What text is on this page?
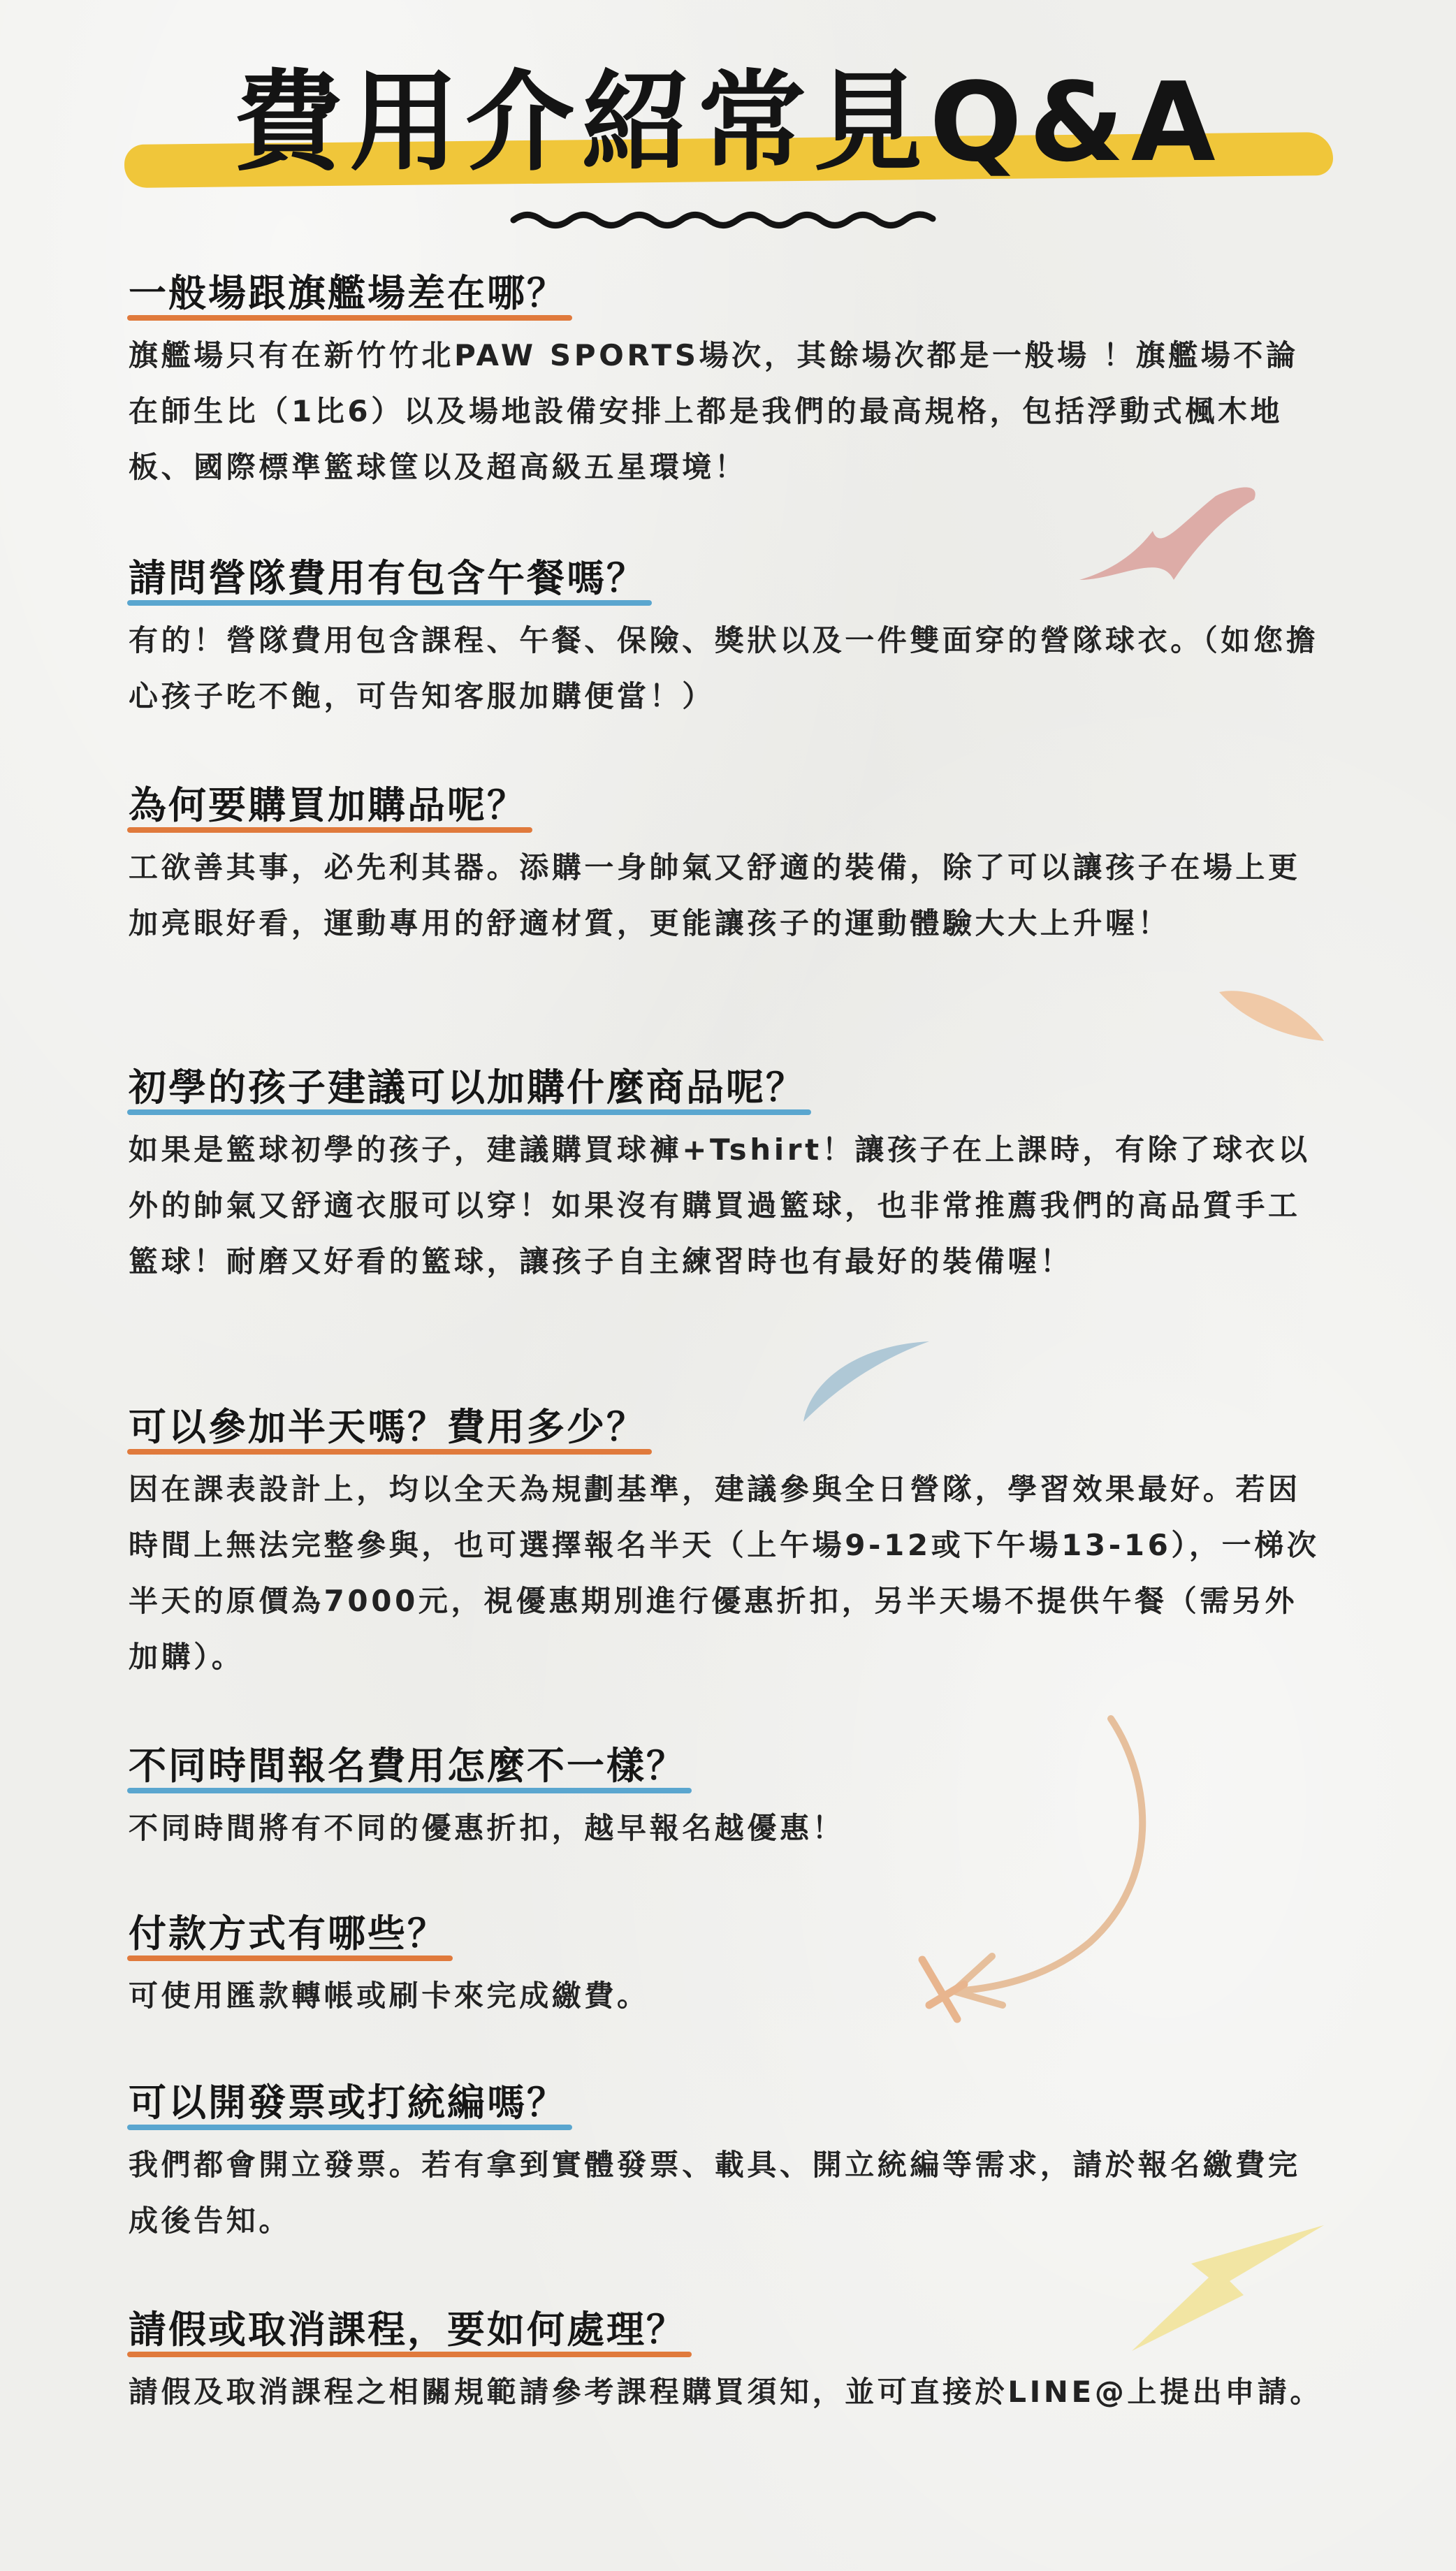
費用介紹常見Q&A
一般場跟旗艦場差在哪？
旗艦場只有在新竹竹北PAW SPORTS場次，其餘場次都是一般場 ！旗艦場不論在師生比（1比6）以及場地設備安排上都是我們的最高規格，包括浮動式楓木地板、國際標準籃球筐以及超高級五星環境！
請問營隊費用有包含午餐嗎？
有的！營隊費用包含課程、午餐、保險、獎狀以及一件雙面穿的營隊球衣。（如您擔心孩子吃不飽，可告知客服加購便當！）
為何要購買加購品呢？
工欲善其事，必先利其器。添購一身帥氣又舒適的裝備，除了可以讓孩子在場上更加亮眼好看，運動專用的舒適材質，更能讓孩子的運動體驗大大上升喔！
初學的孩子建議可以加購什麼商品呢？
如果是籃球初學的孩子，建議購買球褲+Tshirt！讓孩子在上課時，有除了球衣以外的帥氣又舒適衣服可以穿！如果沒有購買過籃球，也非常推薦我們的高品質手工籃球！耐磨又好看的籃球，讓孩子自主練習時也有最好的裝備喔！
可以參加半天嗎？費用多少？
因在課表設計上，均以全天為規劃基準，建議參與全日營隊，學習效果最好。若因時間上無法完整參與，也可選擇報名半天（上午場9-12或下午場13-16），一梯次半天的原價為7000元，視優惠期別進行優惠折扣，另半天場不提供午餐（需另外加購）。
不同時間報名費用怎麼不一樣？
不同時間將有不同的優惠折扣，越早報名越優惠！
付款方式有哪些？
可使用匯款轉帳或刷卡來完成繳費。
可以開發票或打統編嗎？
我們都會開立發票。若有拿到實體發票、載具、開立統編等需求，請於報名繳費完成後告知。
請假或取消課程，要如何處理？
請假及取消課程之相關規範請參考課程購買須知，並可直接於LINE@上提出申請。
